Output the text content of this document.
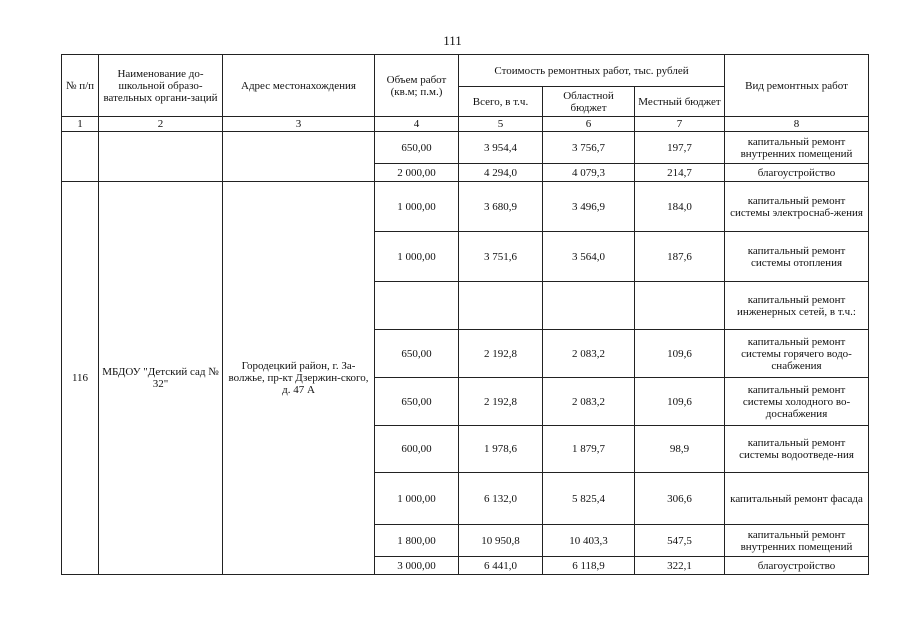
111
№ п/п	Наименование до-школьной образо-вательных органи-заций	Адрес местонахождения	Объем работ (кв.м; п.м.)	Стоимость ремонтных работ, тыс. рублей			Вид ремонтных работ
				Всего, в т.ч.	Областной бюджет	Местный бюджет	
1	2	3	4	5	6	7	8
			650,00	3 954,4	3 756,7	197,7	капитальный ремонт внутренних помещений
			2 000,00	4 294,0	4 079,3	214,7	благоустройство
116	МБДОУ "Детский сад № 32"	Городецкий район, г. За-волжье, пр-кт Дзержин-ского, д. 47 А	1 000,00	3 680,9	3 496,9	184,0	капитальный ремонт системы электроснаб-жения
			1 000,00	3 751,6	3 564,0	187,6	капитальный ремонт системы отопления
							капитальный ремонт инженерных сетей, в т.ч.:
			650,00	2 192,8	2 083,2	109,6	капитальный ремонт системы горячего водо-снабжения
			650,00	2 192,8	2 083,2	109,6	капитальный ремонт системы холодного во-доснабжения
			600,00	1 978,6	1 879,7	98,9	капитальный ремонт системы водоотведе-ния
			1 000,00	6 132,0	5 825,4	306,6	капитальный ремонт фасада
			1 800,00	10 950,8	10 403,3	547,5	капитальный ремонт внутренних помещений
			3 000,00	6 441,0	6 118,9	322,1	благоустройство
